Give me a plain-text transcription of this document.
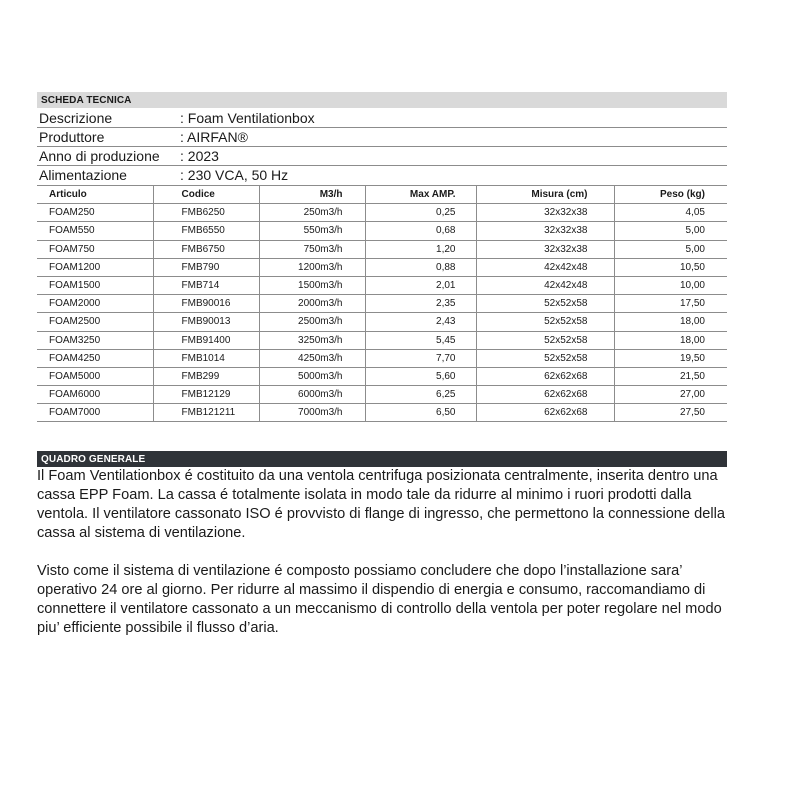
SCHEDA TECNICA
Descrizione	: Foam Ventilationbox
Produttore	: AIRFAN®
Anno di produzione	: 2023
Alimentazione	: 230 VCA, 50 Hz
Articulo	Codice	M3/h	Max AMP.	Misura (cm)	Peso (kg)
FOAM250	FMB6250	250m3/h	0,25	32x32x38	4,05
FOAM550	FMB6550	550m3/h	0,68	32x32x38	5,00
FOAM750	FMB6750	750m3/h	1,20	32x32x38	5,00
FOAM1200	FMB790	1200m3/h	0,88	42x42x48	10,50
FOAM1500	FMB714	1500m3/h	2,01	42x42x48	10,00
FOAM2000	FMB90016	2000m3/h	2,35	52x52x58	17,50
FOAM2500	FMB90013	2500m3/h	2,43	52x52x58	18,00
FOAM3250	FMB91400	3250m3/h	5,45	52x52x58	18,00
FOAM4250	FMB1014	4250m3/h	7,70	52x52x58	19,50
FOAM5000	FMB299	5000m3/h	5,60	62x62x68	21,50
FOAM6000	FMB12129	6000m3/h	6,25	62x62x68	27,00
FOAM7000	FMB121211	7000m3/h	6,50	62x62x68	27,50
QUADRO GENERALE

Il Foam Ventilationbox é costituito da una ventola centrifuga posizionata centralmente, inserita dentro una cassa EPP Foam. La cassa é totalmente isolata in modo tale da ridurre al minimo i ruori prodotti dalla ventola. Il ventilatore cassonato ISO é provvisto di flange di ingresso, che permettono la connessione della cassa al sistema di ventilazione.

Visto come il sistema di ventilazione é composto possiamo concludere che dopo l’installazione sara’ operativo 24 ore al giorno. Per ridurre al massimo il dispendio di energia e consumo, raccomandiamo di connettere il ventilatore cassonato a un meccanismo di controllo della ventola per poter regolare nel modo piu’ efficiente possibile il flusso d’aria.
